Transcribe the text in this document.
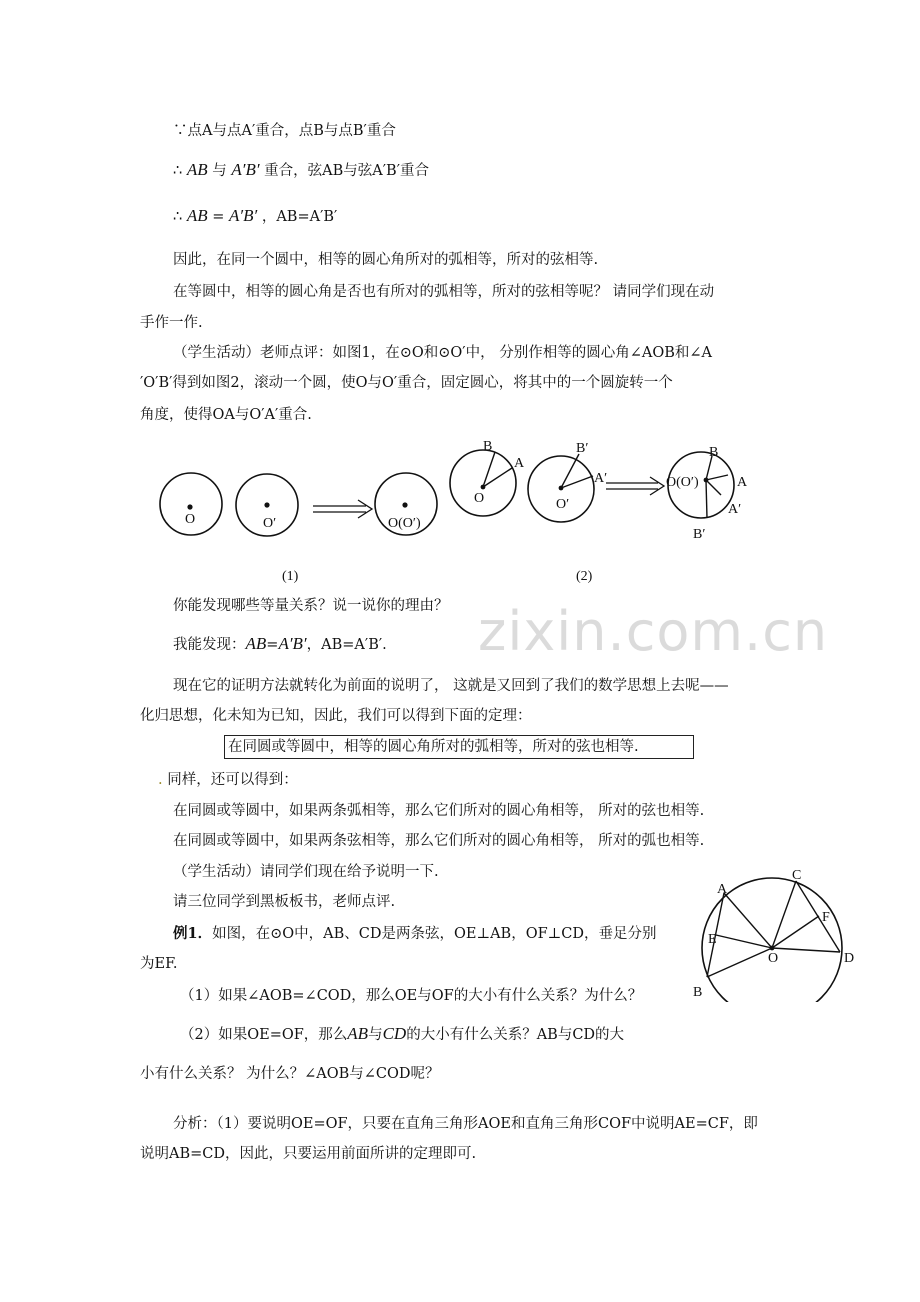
zixin.com.cn
∵点A与点A′重合，点B与点B′重合
∴ AB 与 A′B′ 重合，弦AB与弦A′B′重合
∴ AB = A′B′ ，AB=A′B′
因此，在同一个圆中，相等的圆心角所对的弧相等，所对的弦相等.
在等圆中，相等的圆心角是否也有所对的弧相等，所对的弦相等呢？ 请同学们现在动
手作一作.
（学生活动）老师点评：如图1，在⊙O和⊙O′中， 分别作相等的圆心角∠AOB和∠A
′O′B′得到如图2，滚动一个圆，使O与O′重合，固定圆心，将其中的一个圆旋转一个
角度，使得OA与O′A′重合.
O	O′	O(O′)
B
A
O
B′
A′
O′
O(O′)
B
A
A′
B′
(1)	(2)
你能发现哪些等量关系？说一说你的理由？
我能发现：AB=A′B′，AB=A′B′.
现在它的证明方法就转化为前面的说明了， 这就是又回到了我们的数学思想上去呢——
化归思想，化未知为已知，因此，我们可以得到下面的定理：
在同圆或等圆中，相等的圆心角所对的弧相等，所对的弦也相等.
. 同样，还可以得到：
在同圆或等圆中，如果两条弧相等，那么它们所对的圆心角相等， 所对的弦也相等.
在同圆或等圆中，如果两条弦相等，那么它们所对的圆心角相等， 所对的弧也相等.
（学生活动）请同学们现在给予说明一下.
请三位同学到黑板板书，老师点评.
例1．如图，在⊙O中，AB、CD是两条弦，OE⊥AB，OF⊥CD，垂足分别
为EF.
（1）如果∠AOB=∠COD，那么OE与OF的大小有什么关系？为什么？
（2）如果OE=OF，那么AB与CD的大小有什么关系？AB与CD的大
小有什么关系？ 为什么？∠AOB与∠COD呢？
分析：（1）要说明OE=OF，只要在直角三角形AOE和直角三角形COF中说明AE=CF，即
说明AB=CD，因此，只要运用前面所讲的定理即可.
A
C
F
E
O	D
B
